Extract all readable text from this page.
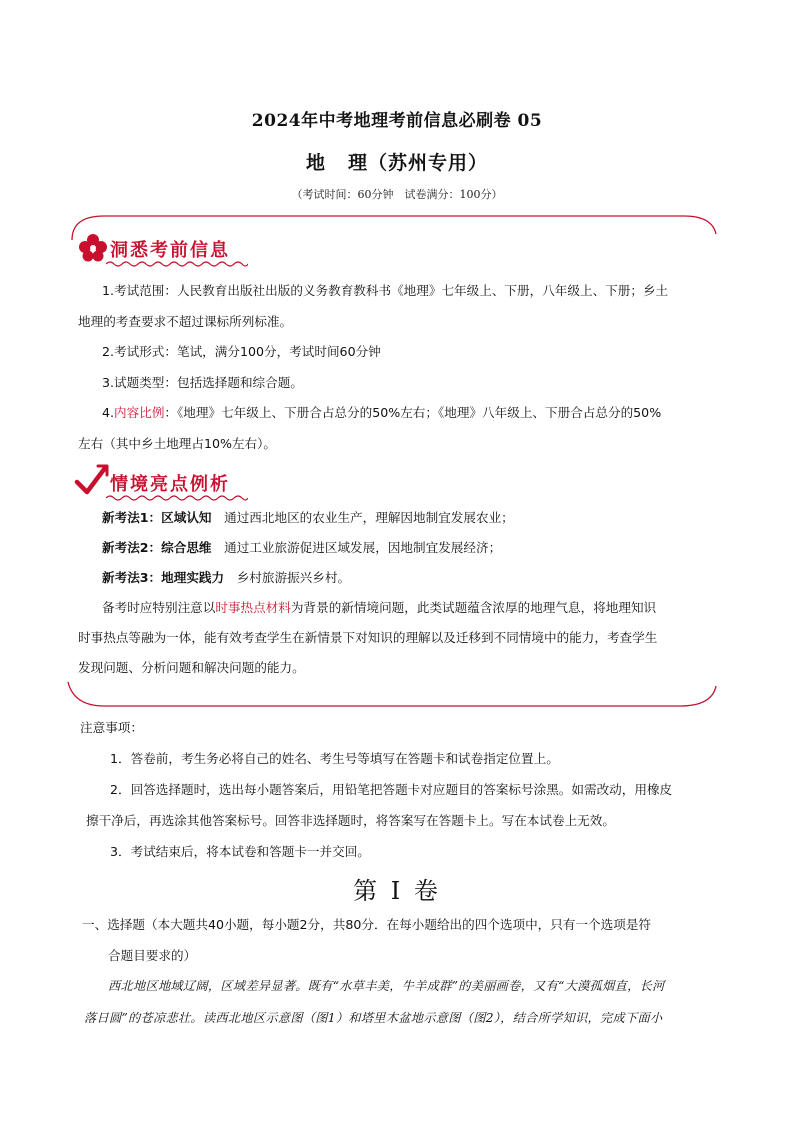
2024年中考地理考前信息必刷卷 05
地 理（苏州专用）
（考试时间：60分钟　试卷满分：100分）
洞悉考前信息
1.考试范围：人民教育出版社出版的义务教育教科书《地理》七年级上、下册，八年级上、下册；乡土
地理的考查要求不超过课标所列标准。
2.考试形式：笔试，满分100分，考试时间60分钟
3.试题类型：包括选择题和综合题。
4.内容比例：《地理》七年级上、下册合占总分的50%左右；《地理》八年级上、下册合占总分的50%
左右（其中乡土地理占10%左右）。
情境亮点例析
新考法1：区域认知　通过西北地区的农业生产，理解因地制宜发展农业；
新考法2：综合思维　通过工业旅游促进区域发展，因地制宜发展经济；
新考法3：地理实践力　乡村旅游振兴乡村。
备考时应特别注意以时事热点材料为背景的新情境问题，此类试题蕴含浓厚的地理气息，将地理知识
时事热点等融为一体，能有效考查学生在新情景下对知识的理解以及迁移到不同情境中的能力，考查学生
发现问题、分析问题和解决问题的能力。
注意事项：
1．答卷前，考生务必将自己的姓名、考生号等填写在答题卡和试卷指定位置上。
2．回答选择题时，选出每小题答案后，用铅笔把答题卡对应题目的答案标号涂黑。如需改动，用橡皮
擦干净后，再选涂其他答案标号。回答非选择题时，将答案写在答题卡上。写在本试卷上无效。
3．考试结束后，将本试卷和答题卡一并交回。
第 I 卷
一、选择题（本大题共40小题，每小题2分，共80分．在每小题给出的四个选项中，只有一个选项是符
合题目要求的）
西北地区地域辽阔，区域差异显著。既有“水草丰美，牛羊成群”的美丽画卷，又有“大漠孤烟直，长河
落日圆”的苍凉悲壮。读西北地区示意图（图1）和塔里木盆地示意图（图2），结合所学知识，完成下面小
